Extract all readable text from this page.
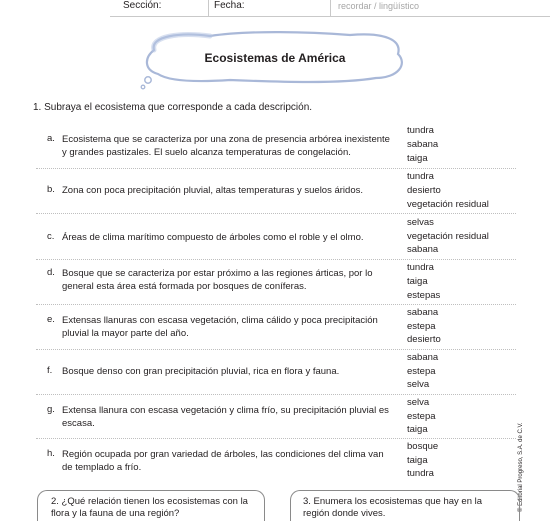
Sección:	Fecha:	recordar / lingüístico
Ecosistemas de América
1. Subraya el ecosistema que corresponde a cada descripción.
a. Ecosistema que se caracteriza por una zona de presencia arbórea inexistente y grandes pastizales. El suelo alcanza temperaturas de congelación.
tundra
sabana
taiga
b. Zona con poca precipitación pluvial, altas temperaturas y suelos áridos.
tundra
desierto
vegetación residual
c. Áreas de clima marítimo compuesto de árboles como el roble y el olmo.
selvas
vegetación residual
sabana
d. Bosque que se caracteriza por estar próximo a las regiones árticas, por lo general esta área está formada por bosques de coníferas.
tundra
taiga
estepas
e. Extensas llanuras con escasa vegetación, clima cálido y poca precipitación pluvial la mayor parte del año.
sabana
estepa
desierto
f. Bosque denso con gran precipitación pluvial, rica en flora y fauna.
sabana
estepa
selva
g. Extensa llanura con escasa vegetación y clima frío, su precipitación pluvial es escasa.
selva
estepa
taiga
h. Región ocupada por gran variedad de árboles, las condiciones del clima van de templado a frío.
bosque
taiga
tundra	© Editorial Progreso, S.A. de C.V.
2. ¿Qué relación tienen los ecosistemas con la flora y la fauna de una región?
3. Enumera los ecosistemas que hay en la región donde vives.
